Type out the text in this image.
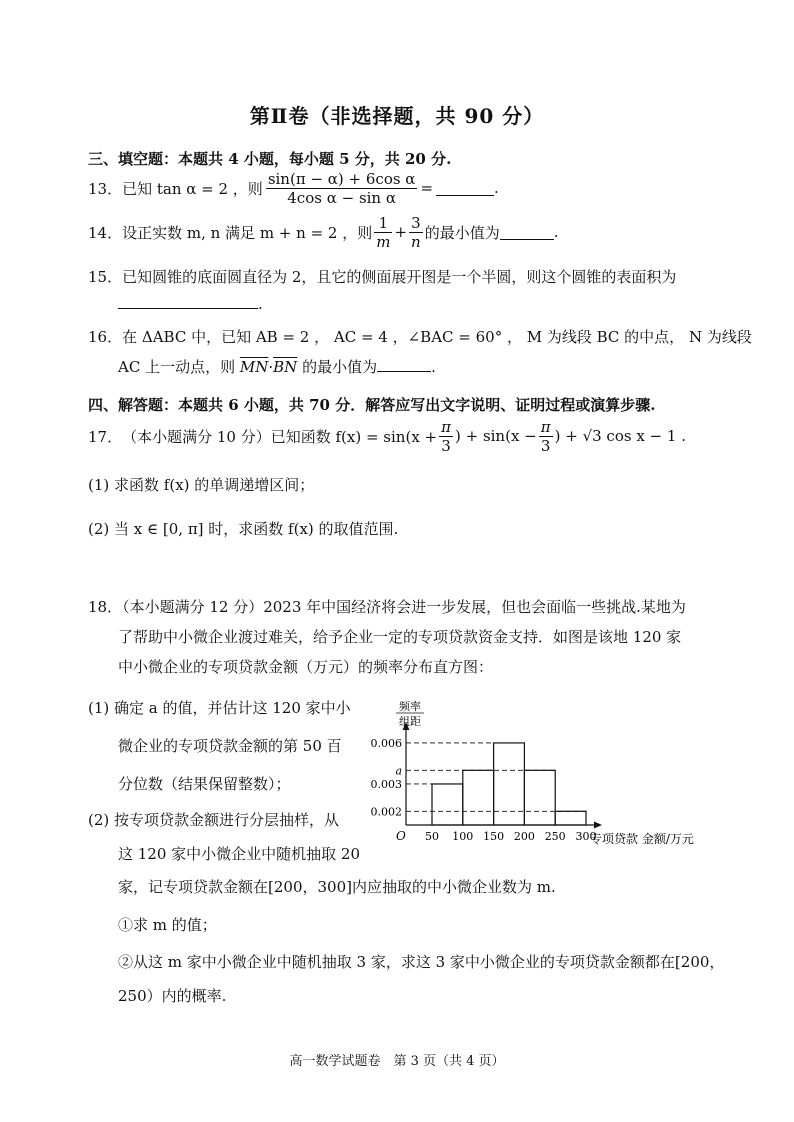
第Ⅱ卷（非选择题，共 90 分）
三、填空题：本题共 4 小题，每小题 5 分，共 20 分.
13． 已知 tan α = 2 ，则 $\frac{\text{sin(π − α) + 6cos α}}{\text{4cos α − sin α}}$ =	.
14． 设正实数 m, n 满足 m + n = 2 ，则 $\frac{1}{m} + \frac{3}{n}$ 的最小值为	.
15．已知圆锥的底面圆直径为 2，且它的侧面展开图是一个半圆，则这个圆锥的表面积为
.
16．在 ΔABC 中，已知 AB = 2 ， AC = 4 ，∠BAC = 60° ， M 为线段 BC 的中点， N 为线段
AC 上一动点，则 $\overline{MN}\cdot\overline{BN}$ 的最小值为	.
四、解答题：本题共 6 小题，共 70 分．解答应写出文字说明、证明过程或演算步骤.
17． （本小题满分 10 分）已知函数 $f(x) = \sin(x + \frac{\pi}{3}$ ) + $\sin(x - \frac{\pi}{3}$ ) + √3 cos x − 1 .
(1) 求函数 f(x) 的单调递增区间；
(2) 当 x ∈ [0, π] 时，求函数 f(x) 的取值范围.
18．（本小题满分 12 分）2023 年中国经济将会进一步发展，但也会面临一些挑战.某地为
了帮助中小微企业渡过难关，给予企业一定的专项贷款资金支持．如图是该地 120 家
中小微企业的专项贷款金额（万元）的频率分布直方图：
(1) 确定 a 的值，并估计这 120 家中小
微企业的专项贷款金额的第 50 百
分位数（结果保留整数）；
(2) 按专项贷款金额进行分层抽样，从
这 120 家中小微企业中随机抽取 20
家，记专项贷款金额在[200，300]内应抽取的中小微企业数为 m.
①求 m 的值；
②从这 m 家中小微企业中随机抽取 3 家，求这 3 家中小微企业的专项贷款金额都在[200，
250）内的概率.
0.006
a
0.003
0.002
50 100 150 200 250 300
频率
组距
专项贷款 金额/万元
O
高一数学试题卷　第 3 页（共 4 页）
